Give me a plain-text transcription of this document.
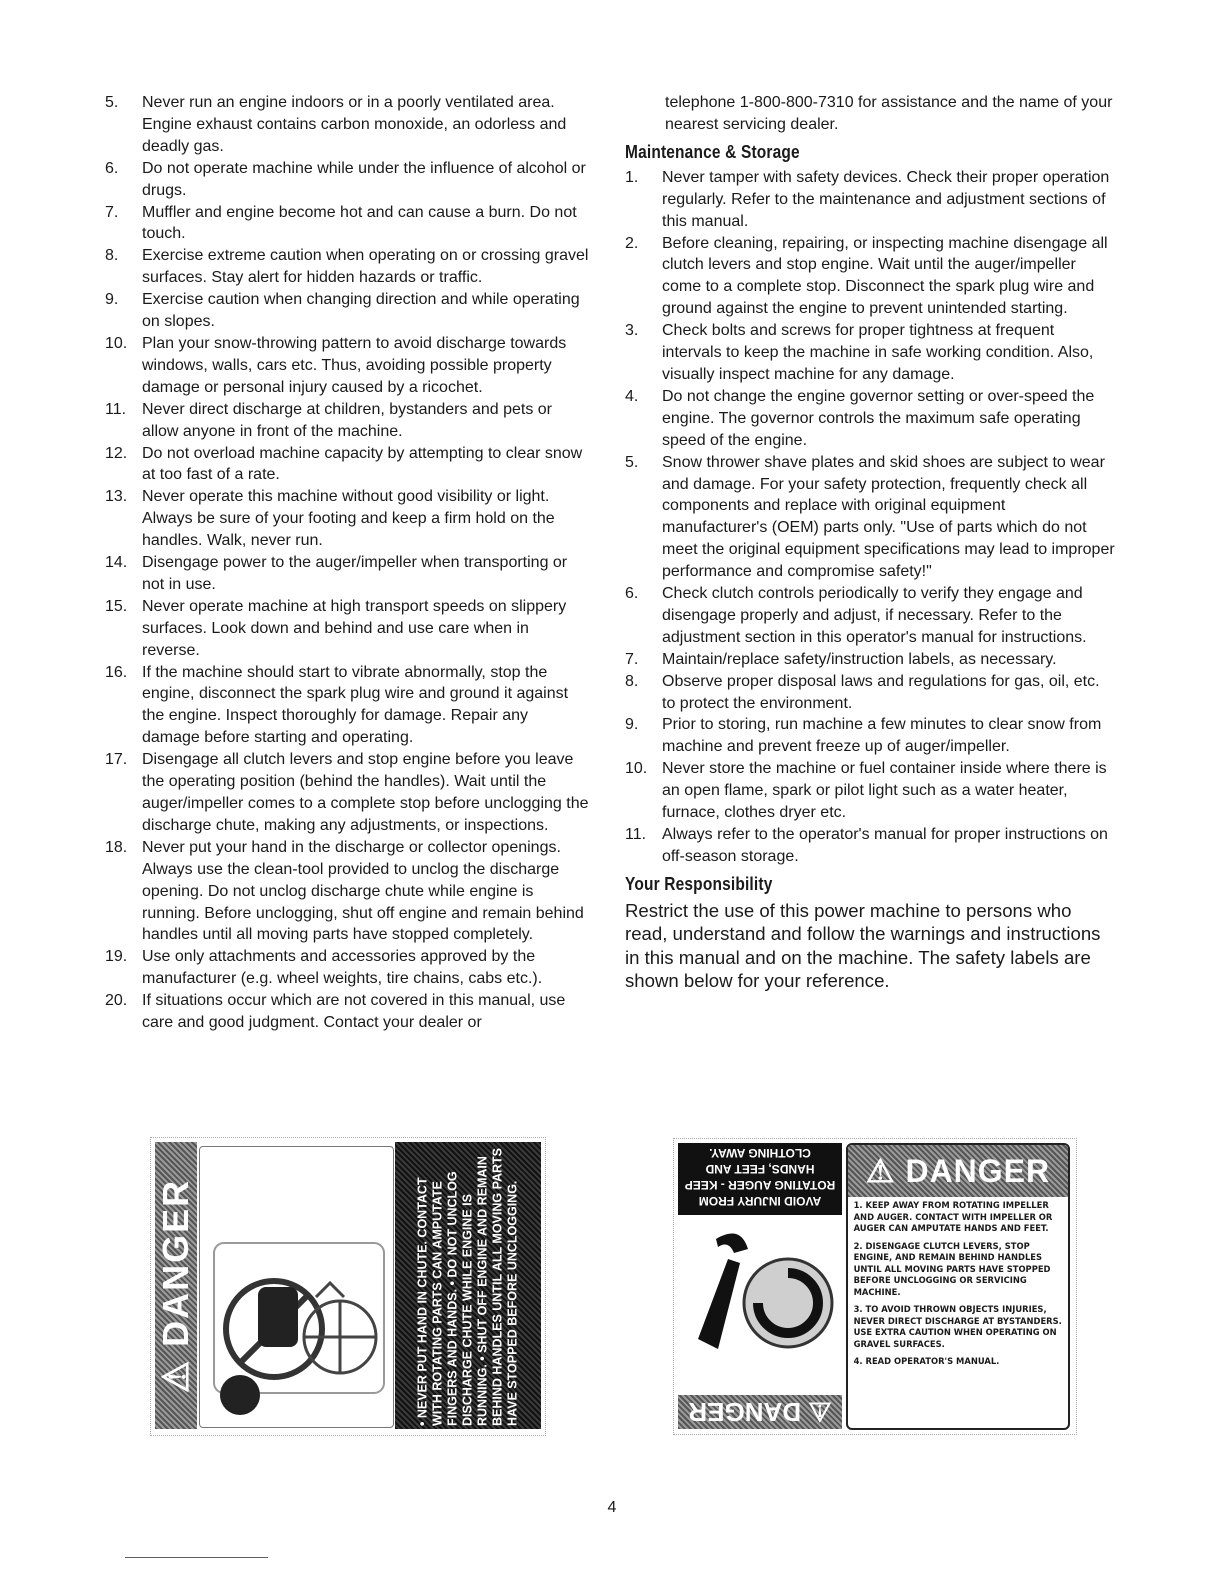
5.	Never run an engine indoors or in a poorly ventilated area. Engine exhaust contains carbon monoxide, an odorless and deadly gas.
6.	Do not operate machine while under the influence of alcohol or drugs.
7.	Muffler and engine become hot and can cause a burn. Do not touch.
8.	Exercise extreme caution when operating on or crossing gravel surfaces. Stay alert for hidden hazards or traffic.
9.	Exercise caution when changing direction and while operating on slopes.
10. Plan your snow-throwing pattern to avoid discharge towards windows, walls, cars etc. Thus, avoiding possible property damage or personal injury caused by a ricochet.
11. Never direct discharge at children, bystanders and pets or allow anyone in front of the machine.
12. Do not overload machine capacity by attempting to clear snow at too fast of a rate.
13. Never operate this machine without good visibility or light. Always be sure of your footing and keep a firm hold on the handles. Walk, never run.
14. Disengage power to the auger/impeller when transporting or not in use.
15. Never operate machine at high transport speeds on slippery surfaces. Look down and behind and use care when in reverse.
16. If the machine should start to vibrate abnormally, stop the engine, disconnect the spark plug wire and ground it against the engine. Inspect thoroughly for damage. Repair any damage before starting and operating.
17. Disengage all clutch levers and stop engine before you leave the operating position (behind the handles). Wait until the auger/impeller comes to a complete stop before unclogging the discharge chute, making any adjustments, or inspections.
18. Never put your hand in the discharge or collector openings. Always use the clean-tool provided to unclog the discharge opening. Do not unclog discharge chute while engine is running. Before unclogging, shut off engine and remain behind handles until all moving parts have stopped completely.
19. Use only attachments and accessories approved by the manufacturer (e.g. wheel weights, tire chains, cabs etc.).
20. If situations occur which are not covered in this manual, use care and good judgment. Contact your dealer or
telephone 1-800-800-7310 for assistance and the name of your nearest servicing dealer.
Maintenance & Storage
1.	Never tamper with safety devices. Check their proper operation regularly. Refer to the maintenance and adjustment sections of this manual.
2.	Before cleaning, repairing, or inspecting machine disengage all clutch levers and stop engine. Wait until the auger/impeller come to a complete stop. Disconnect the spark plug wire and ground against the engine to prevent unintended starting.
3.	Check bolts and screws for proper tightness at frequent intervals to keep the machine in safe working condition. Also, visually inspect machine for any damage.
4.	Do not change the engine governor setting or over-speed the engine. The governor controls the maximum safe operating speed of the engine.
5.	Snow thrower shave plates and skid shoes are subject to wear and damage. For your safety protection, frequently check all components and replace with original equipment manufacturer's (OEM) parts only. "Use of parts which do not meet the original equipment specifications may lead to improper performance and compromise safety!"
6.	Check clutch controls periodically to verify they engage and disengage properly and adjust, if necessary. Refer to the adjustment section in this operator's manual for instructions.
7.	Maintain/replace safety/instruction labels, as necessary.
8.	Observe proper disposal laws and regulations for gas, oil, etc. to protect the environment.
9.	Prior to storing, run machine a few minutes to clear snow from machine and prevent freeze up of auger/impeller.
10. Never store the machine or fuel container inside where there is an open flame, spark or pilot light such as a water heater, furnace, clothes dryer etc.
11. Always refer to the operator's manual for proper instructions on off-season storage.
Your Responsibility
Restrict the use of this power machine to persons who read, understand and follow the warnings and instructions in this manual and on the machine. The safety labels are shown below for your reference.
⚠ DANGER	• NEVER PUT HAND IN CHUTE. CONTACT WITH ROTATING PARTS CAN AMPUTATE FINGERS AND HANDS. • DO NOT UNCLOG DISCHARGE CHUTE WHILE ENGINE IS RUNNING. • SHUT OFF ENGINE AND REMAIN BEHIND HANDLES UNTIL ALL MOVING PARTS HAVE STOPPED BEFORE UNCLOGGING.	AVOID INJURY FROM ROTATING AUGER - KEEP HANDS, FEET AND CLOTHING AWAY.
⚠ DANGER
⚠ DANGER
1. KEEP AWAY FROM ROTATING IMPELLER AND AUGER. CONTACT WITH IMPELLER OR AUGER CAN AMPUTATE HANDS AND FEET.
2. DISENGAGE CLUTCH LEVERS, STOP ENGINE, AND REMAIN BEHIND HANDLES UNTIL ALL MOVING PARTS HAVE STOPPED BEFORE UNCLOGGING OR SERVICING MACHINE.
3. TO AVOID THROWN OBJECTS INJURIES, NEVER DIRECT DISCHARGE AT BYSTANDERS. USE EXTRA CAUTION WHEN OPERATING ON GRAVEL SURFACES.
4. READ OPERATOR'S MANUAL.
4
